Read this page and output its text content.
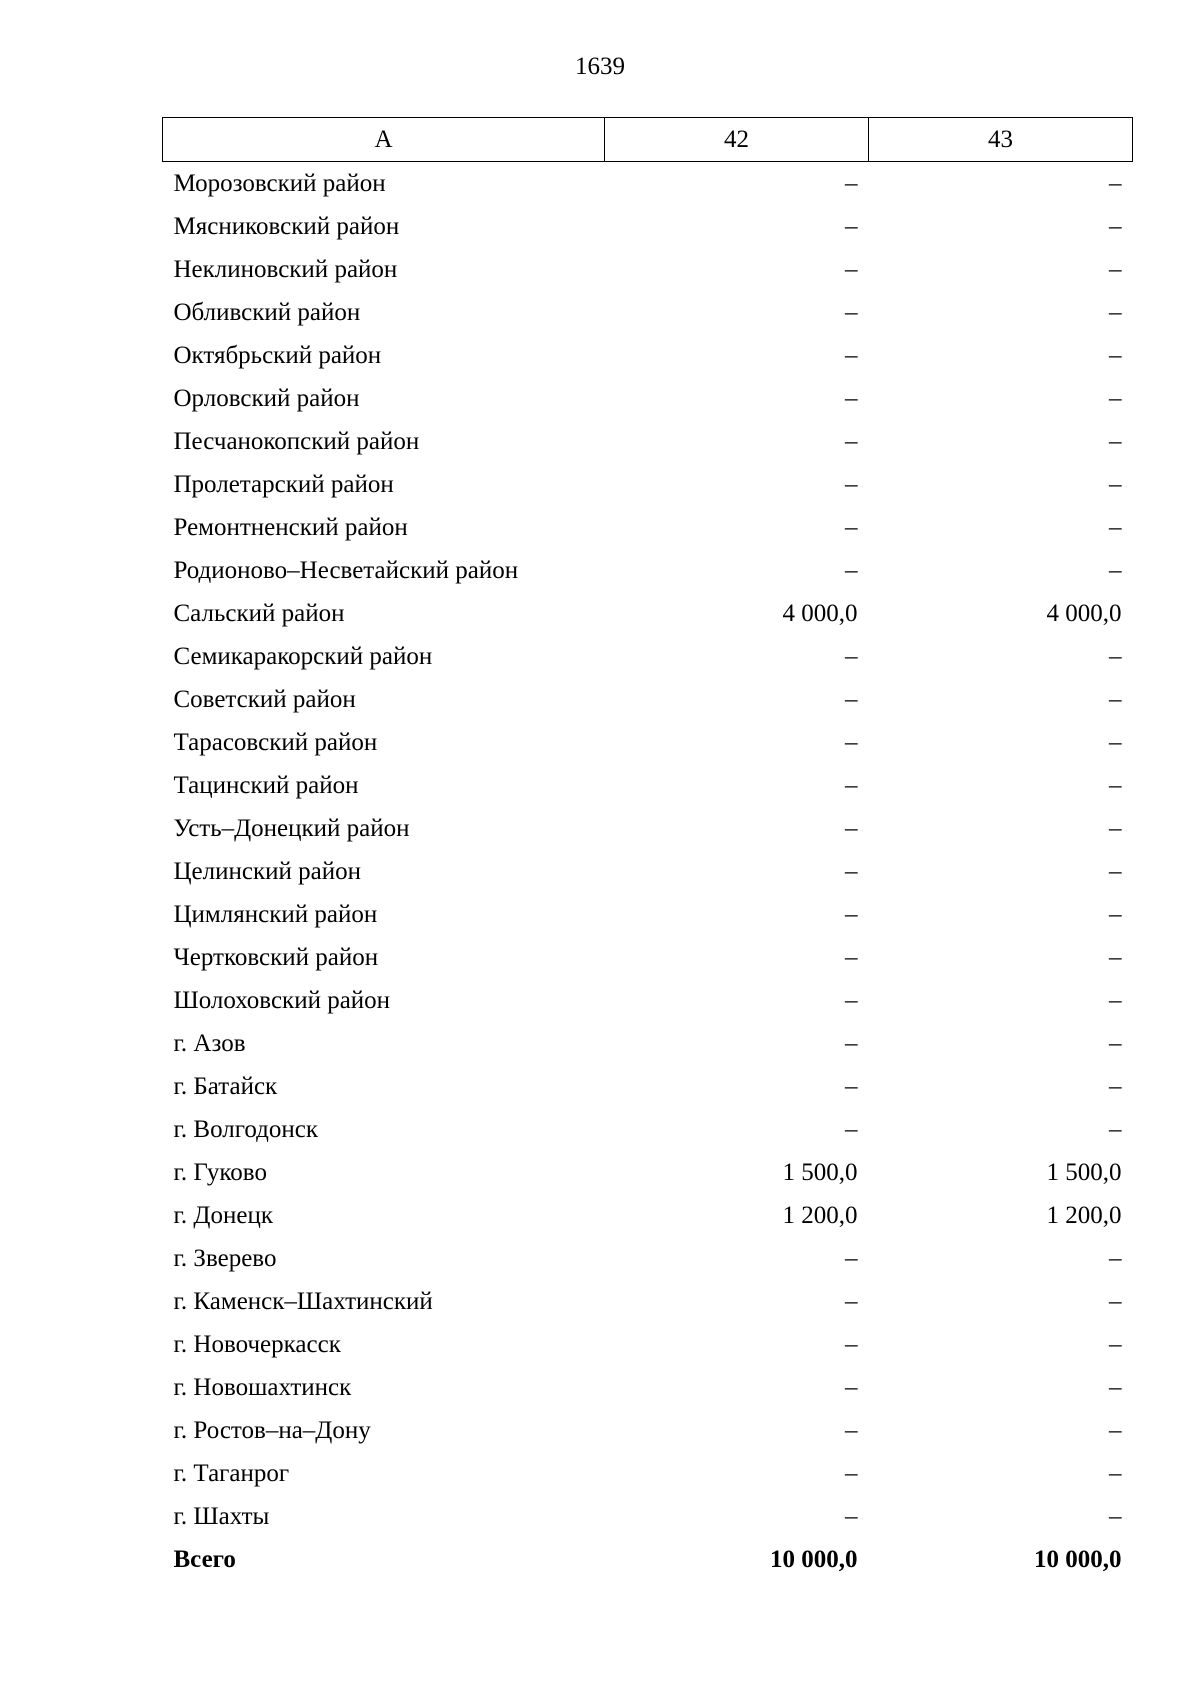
1639
А	42	43
Морозовский район	–	–
Мясниковский район	–	–
Неклиновский район	–	–
Обливский район	–	–
Октябрьский район	–	–
Орловский район	–	–
Песчанокопский район	–	–
Пролетарский район	–	–
Ремонтненский район	–	–
Родионово–Несветайский район	–	–
Сальский район	4 000,0	4 000,0
Семикаракорский район	–	–
Советский район	–	–
Тарасовский район	–	–
Тацинский район	–	–
Усть–Донецкий район	–	–
Целинский район	–	–
Цимлянский район	–	–
Чертковский район	–	–
Шолоховский район	–	–
г. Азов	–	–
г. Батайск	–	–
г. Волгодонск	–	–
г. Гуково	1 500,0	1 500,0
г. Донецк	1 200,0	1 200,0
г. Зверево	–	–
г. Каменск–Шахтинский	–	–
г. Новочеркасск	–	–
г. Новошахтинск	–	–
г. Ростов–на–Дону	–	–
г. Таганрог	–	–
г. Шахты	–	–
Всего	10 000,0	10 000,0
